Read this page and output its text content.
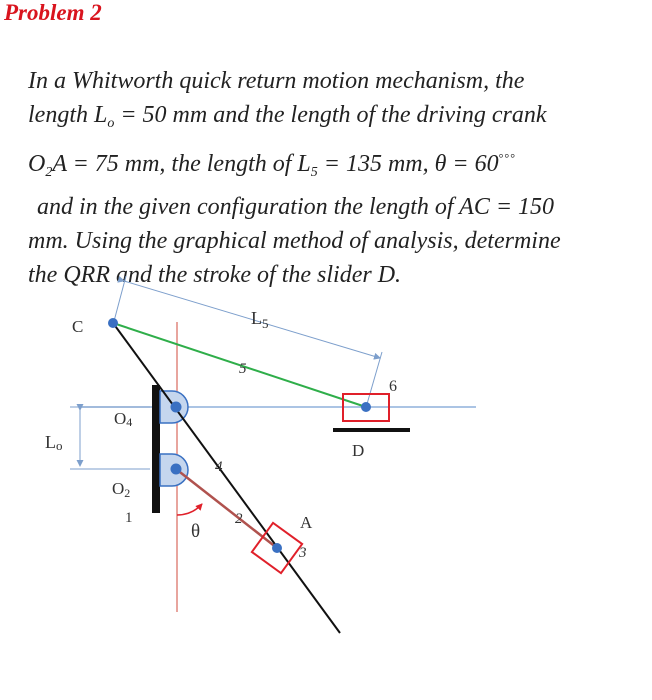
Problem 2
In a Whitworth quick return motion mechanism, the
length $L_o = 50$ mm and the length of the driving crank
$O_2A = 75$ mm, the length of $L_5 = 135$ mm, θ = 60°°°
and in the given configuration the length of AC = 150
mm. Using the graphical method of analysis, determine
the QRR and the stroke of the slider D.
C	$L_5$
5
6
O4
D
Lo
4
O2
1
θ
2	A
3
